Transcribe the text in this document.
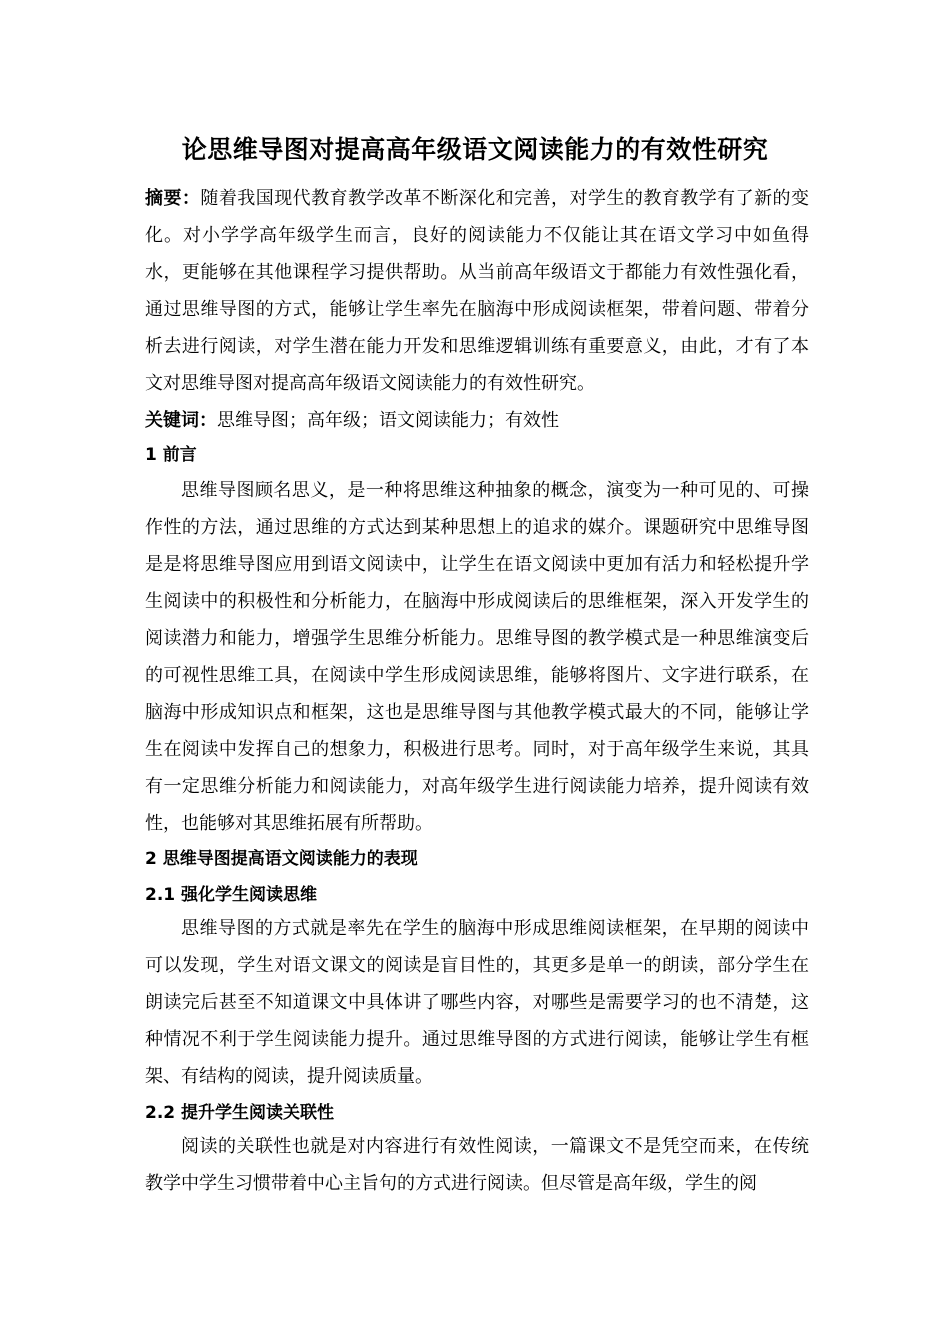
论思维导图对提高高年级语文阅读能力的有效性研究
摘要：随着我国现代教育教学改革不断深化和完善，对学生的教育教学有了新的变化。对小学学高年级学生而言，良好的阅读能力不仅能让其在语文学习中如鱼得水，更能够在其他课程学习提供帮助。从当前高年级语文于都能力有效性强化看，通过思维导图的方式，能够让学生率先在脑海中形成阅读框架，带着问题、带着分析去进行阅读，对学生潜在能力开发和思维逻辑训练有重要意义，由此，才有了本文对思维导图对提高高年级语文阅读能力的有效性研究。
关键词：思维导图；高年级；语文阅读能力；有效性
1 前言
思维导图顾名思义，是一种将思维这种抽象的概念，演变为一种可见的、可操作性的方法，通过思维的方式达到某种思想上的追求的媒介。课题研究中思维导图是是将思维导图应用到语文阅读中，让学生在语文阅读中更加有活力和轻松提升学生阅读中的积极性和分析能力，在脑海中形成阅读后的思维框架，深入开发学生的阅读潜力和能力，增强学生思维分析能力。思维导图的教学模式是一种思维演变后的可视性思维工具，在阅读中学生形成阅读思维，能够将图片、文字进行联系，在脑海中形成知识点和框架，这也是思维导图与其他教学模式最大的不同，能够让学生在阅读中发挥自己的想象力，积极进行思考。同时，对于高年级学生来说，其具有一定思维分析能力和阅读能力，对高年级学生进行阅读能力培养，提升阅读有效性，也能够对其思维拓展有所帮助。
2 思维导图提高语文阅读能力的表现
2.1 强化学生阅读思维
思维导图的方式就是率先在学生的脑海中形成思维阅读框架，在早期的阅读中可以发现，学生对语文课文的阅读是盲目性的，其更多是单一的朗读，部分学生在朗读完后甚至不知道课文中具体讲了哪些内容，对哪些是需要学习的也不清楚，这种情况不利于学生阅读能力提升。通过思维导图的方式进行阅读，能够让学生有框架、有结构的阅读，提升阅读质量。
2.2 提升学生阅读关联性
阅读的关联性也就是对内容进行有效性阅读，一篇课文不是凭空而来，在传统教学中学生习惯带着中心主旨句的方式进行阅读。但尽管是高年级，学生的阅
